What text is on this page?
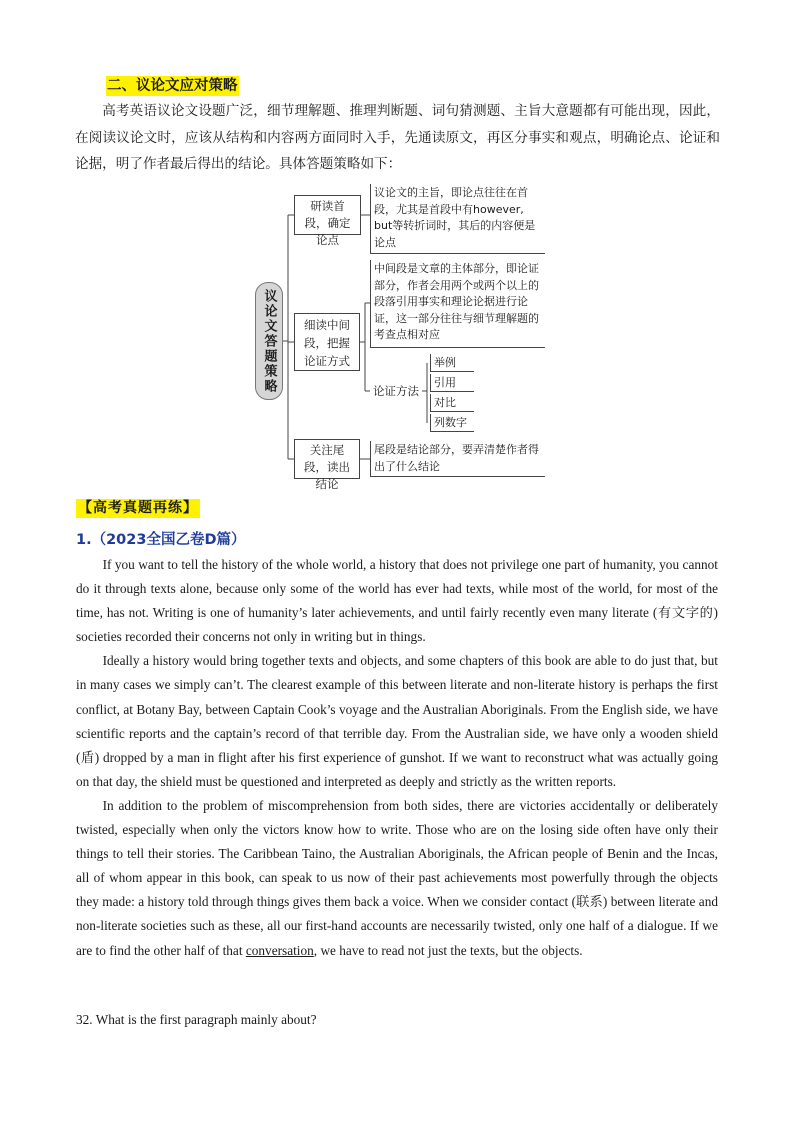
二、议论文应对策略

高考英语议论文设题广泛，细节理解题、推理判断题、词句猜测题、主旨大意题都有可能出现，因此，在阅读议论文时，应该从结构和内容两方面同时入手，先通读原文，再区分事实和观点，明确论点、论证和论据，明了作者最后得出的结论。具体答题策略如下：

议论文答题策略
研读首段，确定论点
细读中间段，把握论证方式
关注尾段，读出结论
议论文的主旨，即论点往往在首段，尤其是首段中有however, but等转折词时，其后的内容便是论点
中间段是文章的主体部分，即论证部分，作者会用两个或两个以上的段落引用事实和理论论据进行论证，这一部分往往与细节理解题的考查点相对应
尾段是结论部分，要弄清楚作者得出了什么结论
论证方法
举例
引用
对比
列数字
【高考真题再练】
1.（2023全国乙卷D篇）

If you want to tell the history of the whole world, a history that does not privilege one part of humanity, you cannot do it through texts alone, because only some of the world has ever had texts, while most of the world, for most of the time, has not. Writing is one of humanity’s later achievements, and until fairly recently even many literate (有文字的) societies recorded their concerns not only in writing but in things.

Ideally a history would bring together texts and objects, and some chapters of this book are able to do just that, but in many cases we simply can’t. The clearest example of this between literate and non-literate history is perhaps the first conflict, at Botany Bay, between Captain Cook’s voyage and the Australian Aboriginals. From the English side, we have scientific reports and the captain’s record of that terrible day. From the Australian side, we have only a wooden shield (盾) dropped by a man in flight after his first experience of gunshot. If we want to reconstruct what was actually going on that day, the shield must be questioned and interpreted as deeply and strictly as the written reports.

In addition to the problem of miscomprehension from both sides, there are victories accidentally or deliberately twisted, especially when only the victors know how to write. Those who are on the losing side often have only their things to tell their stories. The Caribbean Taino, the Australian Aboriginals, the African people of Benin and the Incas, all of whom appear in this book, can speak to us now of their past achievements most powerfully through the objects they made: a history told through things gives them back a voice. When we consider contact (联系) between literate and non-literate societies such as these, all our first-hand accounts are necessarily twisted, only one half of a dialogue. If we are to find the other half of that conversation, we have to read not just the texts, but the objects.

32. What is the first paragraph mainly about?
